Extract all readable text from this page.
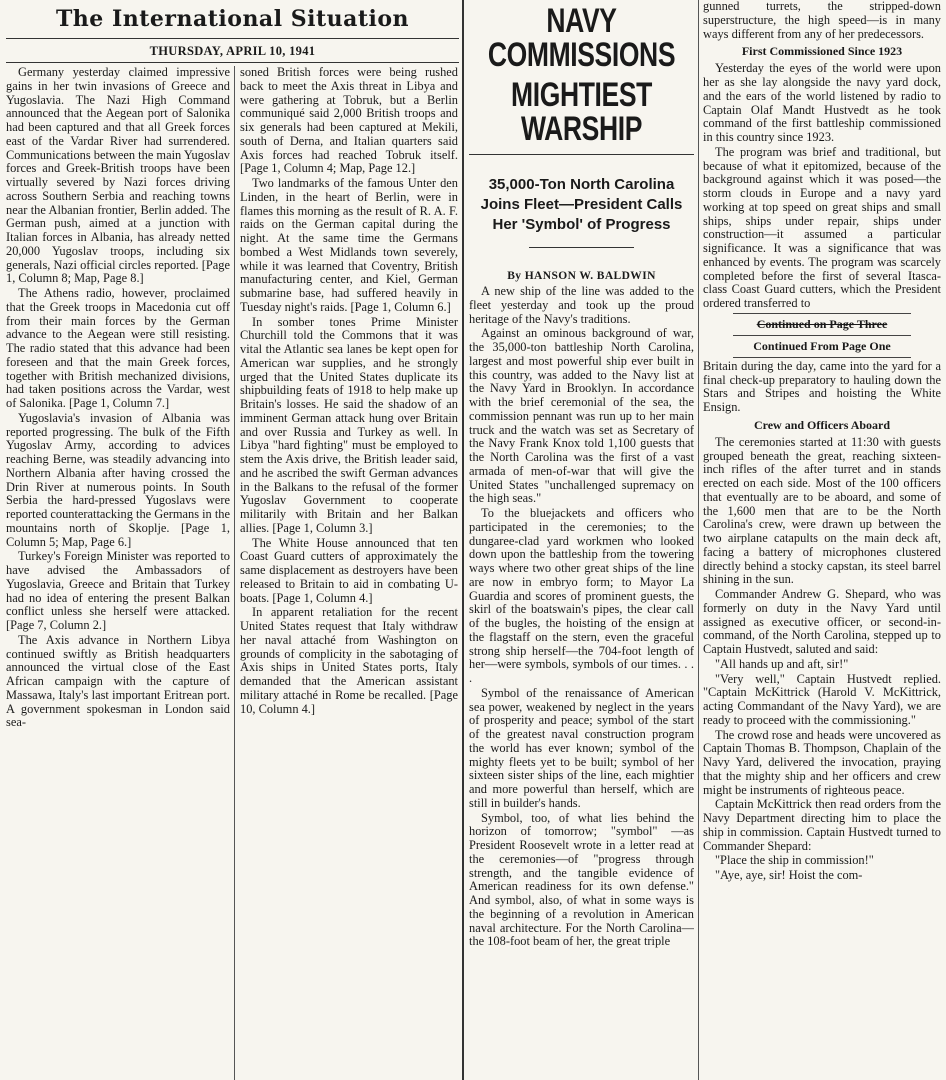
The International Situation
THURSDAY, APRIL 10, 1941

Germany yesterday claimed impressive gains in her twin invasions of Greece and Yugoslavia. The Nazi High Command announced that the Aegean port of Salonika had been captured and that all Greek forces east of the Vardar River had surrendered. Communications between the main Yugoslav forces and Greek-British troops have been virtually severed by Nazi forces driving across Southern Serbia and reaching towns near the Albanian frontier, Berlin added. The German push, aimed at a junction with Italian forces in Albania, has already netted 20,000 Yugoslav troops, including six generals, Nazi official circles reported. [Page 1, Column 8; Map, Page 8.]

The Athens radio, however, proclaimed that the Greek troops in Macedonia cut off from their main forces by the German advance to the Aegean were still resisting. The radio stated that this advance had been foreseen and that the main Greek forces, together with British mechanized divisions, had taken positions across the Vardar, west of Salonika. [Page 1, Column 7.]

Yugoslavia's invasion of Albania was reported progressing. The bulk of the Fifth Yugoslav Army, according to advices reaching Berne, was steadily advancing into Northern Albania after having crossed the Drin River at numerous points. In South Serbia the hard-pressed Yugoslavs were reported counterattacking the Germans in the mountains north of Skoplje. [Page 1, Column 5; Map, Page 6.]

Turkey's Foreign Minister was reported to have advised the Ambassadors of Yugoslavia, Greece and Britain that Turkey had no idea of entering the present Balkan conflict unless she herself were attacked. [Page 7, Column 2.]

The Axis advance in Northern Libya continued swiftly as British headquarters announced the virtual close of the East African campaign with the capture of Massawa, Italy's last important Eritrean port. A government spokesman in London said sea-

soned British forces were being rushed back to meet the Axis threat in Libya and were gathering at Tobruk, but a Berlin communiqué said 2,000 British troops and six generals had been captured at Mekili, south of Derna, and Italian quarters said Axis forces had reached Tobruk itself. [Page 1, Column 4; Map, Page 12.]

Two landmarks of the famous Unter den Linden, in the heart of Berlin, were in flames this morning as the result of R. A. F. raids on the German capital during the night. At the same time the Germans bombed a West Midlands town severely, while it was learned that Coventry, British manufacturing center, and Kiel, German submarine base, had suffered heavily in Tuesday night's raids. [Page 1, Column 6.]

In somber tones Prime Minister Churchill told the Commons that it was vital the Atlantic sea lanes be kept open for American war supplies, and he strongly urged that the United States duplicate its shipbuilding feats of 1918 to help make up Britain's losses. He said the shadow of an imminent German attack hung over Britain and over Russia and Turkey as well. In Libya "hard fighting" must be employed to stem the Axis drive, the British leader said, and he ascribed the swift German advances in the Balkans to the refusal of the former Yugoslav Government to cooperate militarily with Britain and her Balkan allies. [Page 1, Column 3.]

The White House announced that ten Coast Guard cutters of approximately the same displacement as destroyers have been released to Britain to aid in combating U-boats. [Page 1, Column 4.]

In apparent retaliation for the recent United States request that Italy withdraw her naval attaché from Washington on grounds of complicity in the sabotaging of Axis ships in United States ports, Italy demanded that the American assistant military attaché in Rome be recalled. [Page 10, Column 4.]

NAVY COMMISSIONS
MIGHTIEST WARSHIP
35,000-Ton North Carolina Joins Fleet—President Calls Her 'Symbol' of Progress
By HANSON W. BALDWIN

A new ship of the line was added to the fleet yesterday and took up the proud heritage of the Navy's traditions.

Against an ominous background of war, the 35,000-ton battleship North Carolina, largest and most powerful ship ever built in this country, was added to the Navy list at the Navy Yard in Brooklyn. In accordance with the brief ceremonial of the sea, the commission pennant was run up to her main truck and the watch was set as Secretary of the Navy Frank Knox told 1,100 guests that the North Carolina was the first of a vast armada of men-of-war that will give the United States "unchallenged supremacy on the high seas."

To the bluejackets and officers who participated in the ceremonies; to the dungaree-clad yard workmen who looked down upon the battleship from the towering ways where two other great ships of the line are now in embryo form; to Mayor La Guardia and scores of prominent guests, the skirl of the boatswain's pipes, the clear call of the bugles, the hoisting of the ensign at the flagstaff on the stern, even the graceful strong ship herself—the 704-foot length of her—were symbols, symbols of our times. . . .

Symbol of the renaissance of American sea power, weakened by neglect in the years of prosperity and peace; symbol of the start of the greatest naval construction program the world has ever known; symbol of the mighty fleets yet to be built; symbol of her sixteen sister ships of the line, each mightier and more powerful than herself, which are still in builder's hands.

Symbol, too, of what lies behind the horizon of tomorrow; "symbol" —as President Roosevelt wrote in a letter read at the ceremonies—of "progress through strength, and the tangible evidence of American readiness for its own defense." And symbol, also, of what in some ways is the beginning of a revolution in American naval architecture. For the North Carolina—the 108-foot beam of her, the great triple

gunned turrets, the stripped-down superstructure, the high speed—is in many ways different from any of her predecessors.

First Commissioned Since 1923

Yesterday the eyes of the world were upon her as she lay alongside the navy yard dock, and the ears of the world listened by radio to Captain Olaf Mandt Hustvedt as he took command of the first battleship commissioned in this country since 1923.

The program was brief and traditional, but because of what it epitomized, because of the background against which it was posed—the storm clouds in Europe and a navy yard working at top speed on great ships and small ships, ships under repair, ships under construction—it assumed a particular significance. It was a significance that was enhanced by events. The program was scarcely completed before the first of several Itasca-class Coast Guard cutters, which the President ordered transferred to

Continued on Page Three
Continued From Page One

Britain during the day, came into the yard for a final check-up preparatory to hauling down the Stars and Stripes and hoisting the White Ensign.

Crew and Officers Aboard

The ceremonies started at 11:30 with guests grouped beneath the great, reaching sixteen-inch rifles of the after turret and in stands erected on each side. Most of the 100 officers that eventually are to be aboard, and some of the 1,600 men that are to be the North Carolina's crew, were drawn up between the two airplane catapults on the main deck aft, facing a battery of microphones clustered directly behind a stocky capstan, its steel barrel shining in the sun.

Commander Andrew G. Shepard, who was formerly on duty in the Navy Yard until assigned as executive officer, or second-in-command, of the North Carolina, stepped up to Captain Hustvedt, saluted and said:

"All hands up and aft, sir!"

"Very well," Captain Hustvedt replied. "Captain McKittrick (Harold V. McKittrick, acting Commandant of the Navy Yard), we are ready to proceed with the commissioning."

The crowd rose and heads were uncovered as Captain Thomas B. Thompson, Chaplain of the Navy Yard, delivered the invocation, praying that the mighty ship and her officers and crew might be instruments of righteous peace.

Captain McKittrick then read orders from the Navy Department directing him to place the ship in commission. Captain Hustvedt turned to Commander Shepard:

"Place the ship in commission!"

"Aye, aye, sir! Hoist the com-
